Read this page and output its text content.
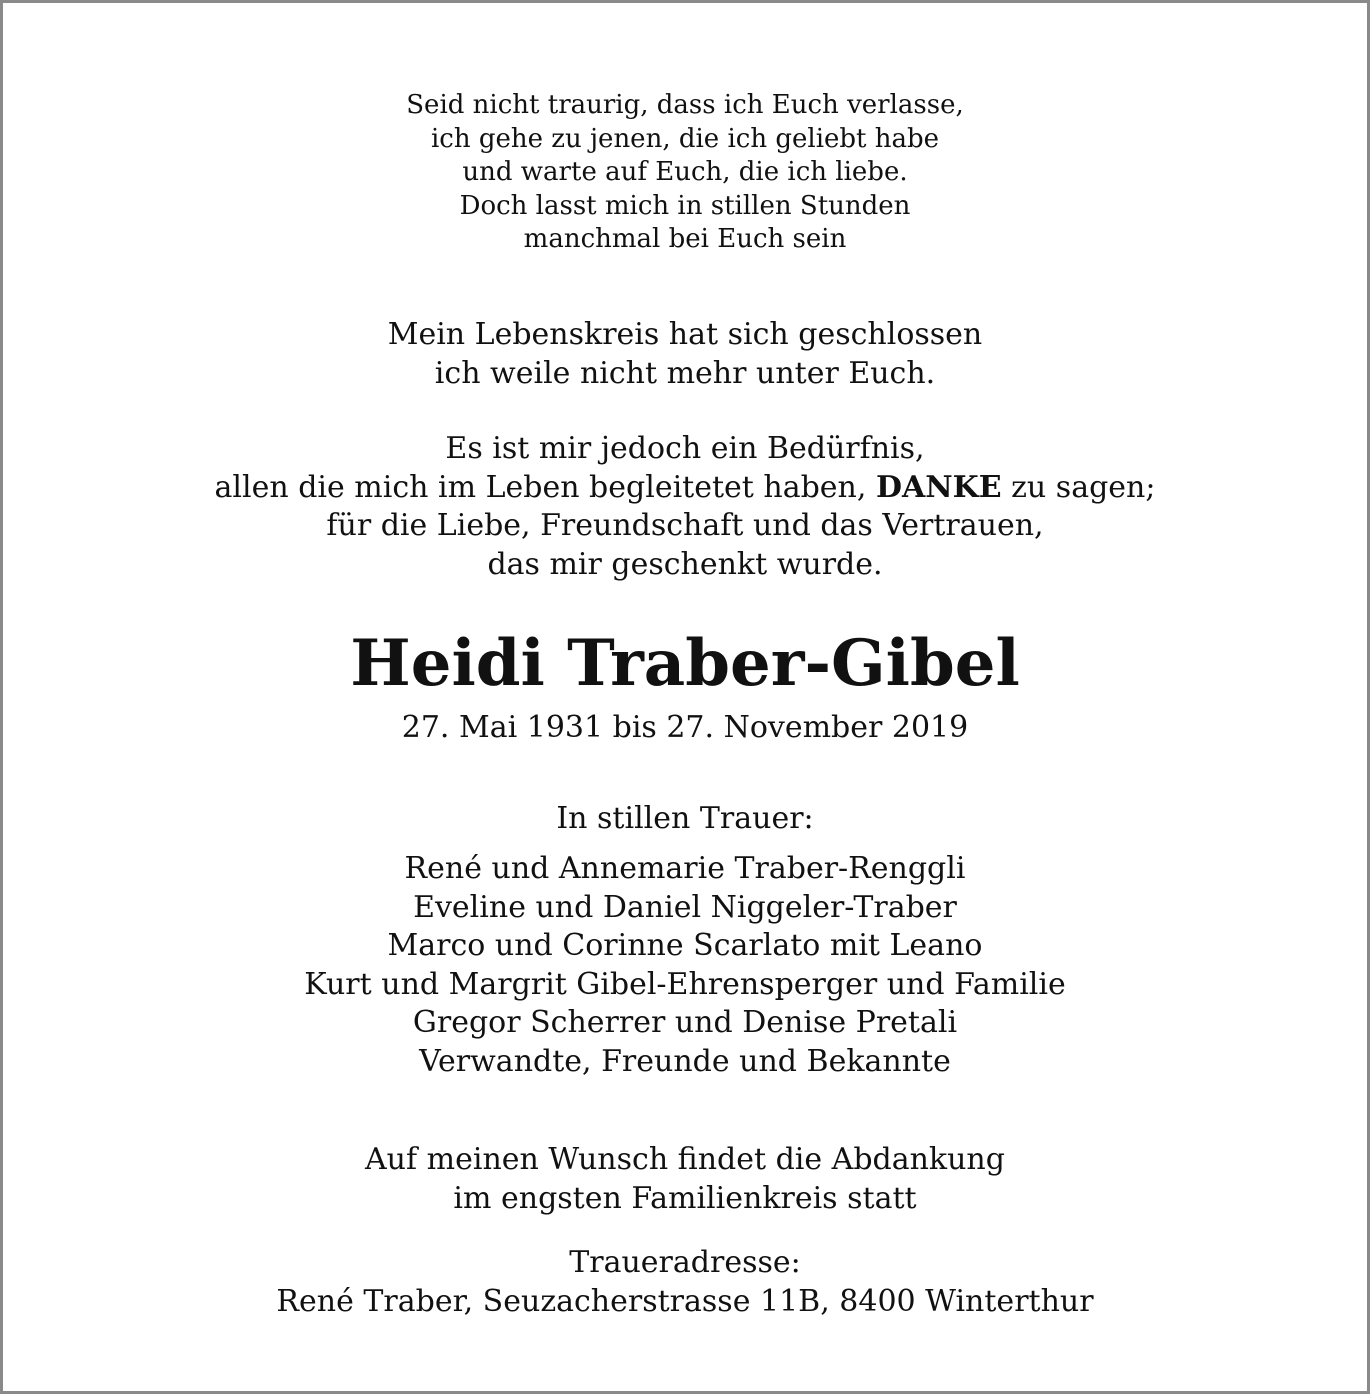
Seid nicht traurig, dass ich Euch verlasse,
ich gehe zu jenen, die ich geliebt habe
und warte auf Euch, die ich liebe.
Doch lasst mich in stillen Stunden
manchmal bei Euch sein
Mein Lebenskreis hat sich geschlossen
ich weile nicht mehr unter Euch.
Es ist mir jedoch ein Bedürfnis,
allen die mich im Leben begleitetet haben, DANKE zu sagen;
für die Liebe, Freundschaft und das Vertrauen,
das mir geschenkt wurde.
Heidi Traber-Gibel
27. Mai 1931 bis 27. November 2019
In stillen Trauer:
René und Annemarie Traber-Renggli
Eveline und Daniel Niggeler-Traber
Marco und Corinne Scarlato mit Leano
Kurt und Margrit Gibel-Ehrensperger und Familie
Gregor Scherrer und Denise Pretali
Verwandte, Freunde und Bekannte
Auf meinen Wunsch findet die Abdankung
im engsten Familienkreis statt
Traueradresse:
René Traber, Seuzacherstrasse 11B, 8400 Winterthur
